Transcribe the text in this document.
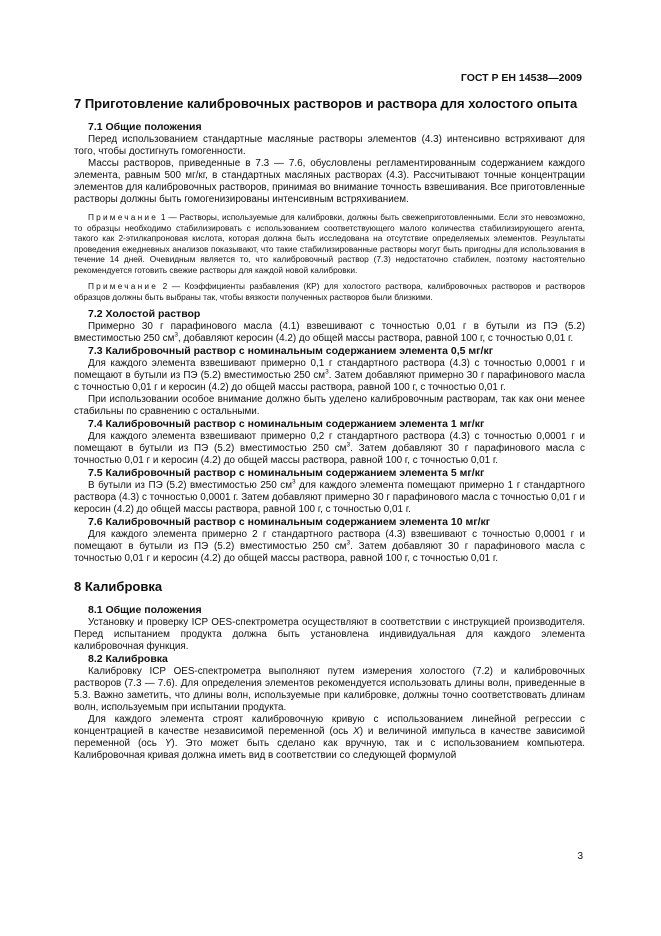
ГОСТ Р ЕН 14538—2009
7 Приготовление калибровочных растворов и раствора для холостого опыта
7.1 Общие положения

Перед использованием стандартные масляные растворы элементов (4.3) интенсивно встряхивают для того, чтобы достигнуть гомогенности.

Массы растворов, приведенные в 7.3 — 7.6, обусловлены регламентированным содержанием каждого элемента, равным 500 мг/кг, в стандартных масляных растворах (4.3). Рассчитывают точные концентрации элементов для калибровочных растворов, принимая во внимание точность взвешивания. Все приготовленные растворы должны быть гомогенизированы интенсивным встряхиванием.

Примечание 1 — Растворы, используемые для калибровки, должны быть свежеприготовленными. Если это невозможно, то образцы необходимо стабилизировать с использованием соответствующего малого количества стабилизирующего агента, такого как 2-этилкапроновая кислота, которая должна быть исследована на отсутствие определяемых элементов. Результаты проведения ежедневных анализов показывают, что такие стабилизированные растворы могут быть пригодны для использования в течение 14 дней. Очевидным является то, что калибровочный раствор (7.3) недостаточно стабилен, поэтому настоятельно рекомендуется готовить свежие растворы для каждой новой калибровки.

Примечание 2 — Коэффициенты разбавления (КР) для холостого раствора, калибровочных растворов и растворов образцов должны быть выбраны так, чтобы вязкости полученных растворов были близкими.

7.2 Холостой раствор

Примерно 30 г парафинового масла (4.1) взвешивают с точностью 0,01 г в бутыли из ПЭ (5.2) вместимостью 250 $см^3$, добавляют керосин (4.2) до общей массы раствора, равной 100 г, с точностью 0,01 г.

7.3 Калибровочный раствор с номинальным содержанием элемента 0,5 мг/кг

Для каждого элемента взвешивают примерно 0,1 г стандартного раствора (4.3) с точностью 0,0001 г и помещают в бутыли из ПЭ (5.2) вместимостью 250 $см^3$. Затем добавляют примерно 30 г парафинового масла с точностью 0,01 г и керосин (4.2) до общей массы раствора, равной 100 г, с точностью 0,01 г.

При использовании особое внимание должно быть уделено калибровочным растворам, так как они менее стабильны по сравнению с остальными.

7.4 Калибровочный раствор с номинальным содержанием элемента 1 мг/кг

Для каждого элемента взвешивают примерно 0,2 г стандартного раствора (4.3) с точностью 0,0001 г и помещают в бутыли из ПЭ (5.2) вместимостью 250 $см^3$. Затем добавляют 30 г парафинового масла с точностью 0,01 г и керосин (4.2) до общей массы раствора, равной 100 г, с точностью 0,01 г.

7.5 Калибровочный раствор с номинальным содержанием элемента 5 мг/кг

В бутыли из ПЭ (5.2) вместимостью 250 $см^3$ для каждого элемента помещают примерно 1 г стандартного раствора (4.3) с точностью 0,0001 г. Затем добавляют примерно 30 г парафинового масла с точностью 0,01 г и керосин (4.2) до общей массы раствора, равной 100 г, с точностью 0,01 г.

7.6 Калибровочный раствор с номинальным содержанием элемента 10 мг/кг

Для каждого элемента примерно 2 г стандартного раствора (4.3) взвешивают с точностью 0,0001 г и помещают в бутыли из ПЭ (5.2) вместимостью 250 $см^3$. Затем добавляют 30 г парафинового масла с точностью 0,01 г и керосин (4.2) до общей массы раствора, равной 100 г, с точностью 0,01 г.

8 Калибровка
8.1 Общие положения

Установку и проверку ICP OES-спектрометра осуществляют в соответствии с инструкцией производителя. Перед испытанием продукта должна быть установлена индивидуальная для каждого элемента калибровочная функция.

8.2 Калибровка

Калибровку ICP OES-спектрометра выполняют путем измерения холостого (7.2) и калибровочных растворов (7.3 — 7.6). Для определения элементов рекомендуется использовать длины волн, приведенные в 5.3. Важно заметить, что длины волн, используемые при калибровке, должны точно соответствовать длинам волн, используемым при испытании продукта.

Для каждого элемента строят калибровочную кривую с использованием линейной регрессии с концентрацией в качестве независимой переменной (ось X) и величиной импульса в качестве зависимой переменной (ось Y). Это может быть сделано как вручную, так и с использованием компьютера. Калибровочная кривая должна иметь вид в соответствии со следующей формулой

3
